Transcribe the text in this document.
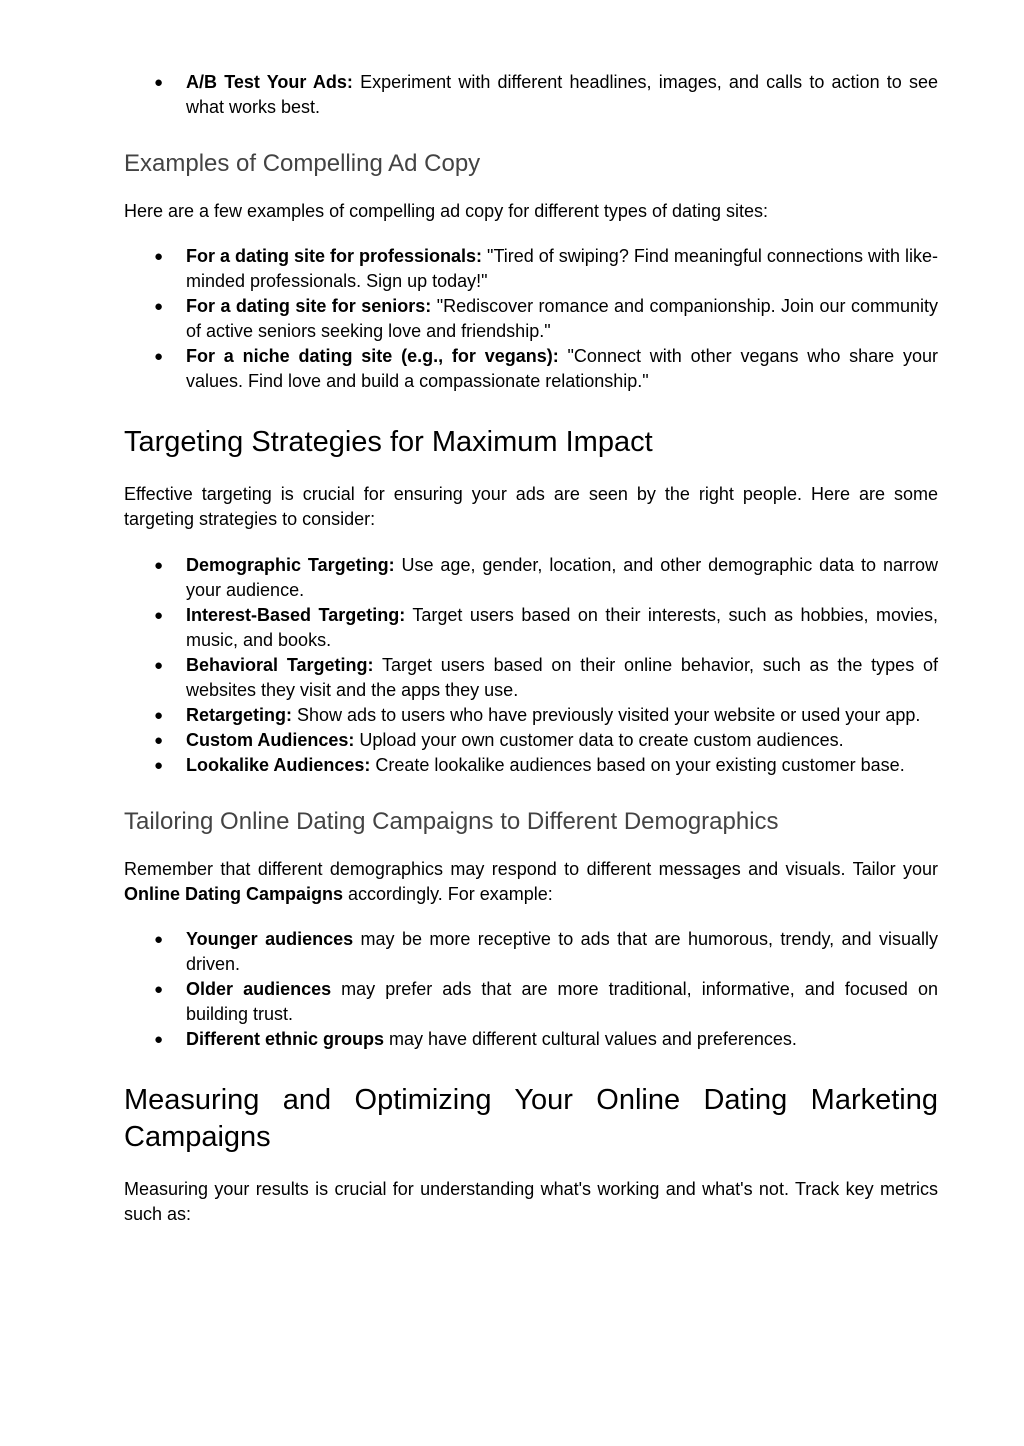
● A/B Test Your Ads: Experiment with different headlines, images, and calls to action to see what works best.
Examples of Compelling Ad Copy

Here are a few examples of compelling ad copy for different types of dating sites:

● For a dating site for professionals: "Tired of swiping? Find meaningful connections with like-minded professionals. Sign up today!"
● For a dating site for seniors: "Rediscover romance and companionship. Join our community of active seniors seeking love and friendship."
● For a niche dating site (e.g., for vegans): "Connect with other vegans who share your values. Find love and build a compassionate relationship."
Targeting Strategies for Maximum Impact

Effective targeting is crucial for ensuring your ads are seen by the right people. Here are some targeting strategies to consider:

● Demographic Targeting: Use age, gender, location, and other demographic data to narrow your audience.
● Interest-Based Targeting: Target users based on their interests, such as hobbies, movies, music, and books.
● Behavioral Targeting: Target users based on their online behavior, such as the types of websites they visit and the apps they use.
● Retargeting: Show ads to users who have previously visited your website or used your app.
● Custom Audiences: Upload your own customer data to create custom audiences.
● Lookalike Audiences: Create lookalike audiences based on your existing customer base.
Tailoring Online Dating Campaigns to Different Demographics

Remember that different demographics may respond to different messages and visuals. Tailor your Online Dating Campaigns accordingly. For example:

● Younger audiences may be more receptive to ads that are humorous, trendy, and visually driven.
● Older audiences may prefer ads that are more traditional, informative, and focused on building trust.
● Different ethnic groups may have different cultural values and preferences.
Measuring and Optimizing Your Online Dating Marketing Campaigns

Measuring your results is crucial for understanding what's working and what's not. Track key metrics such as:
